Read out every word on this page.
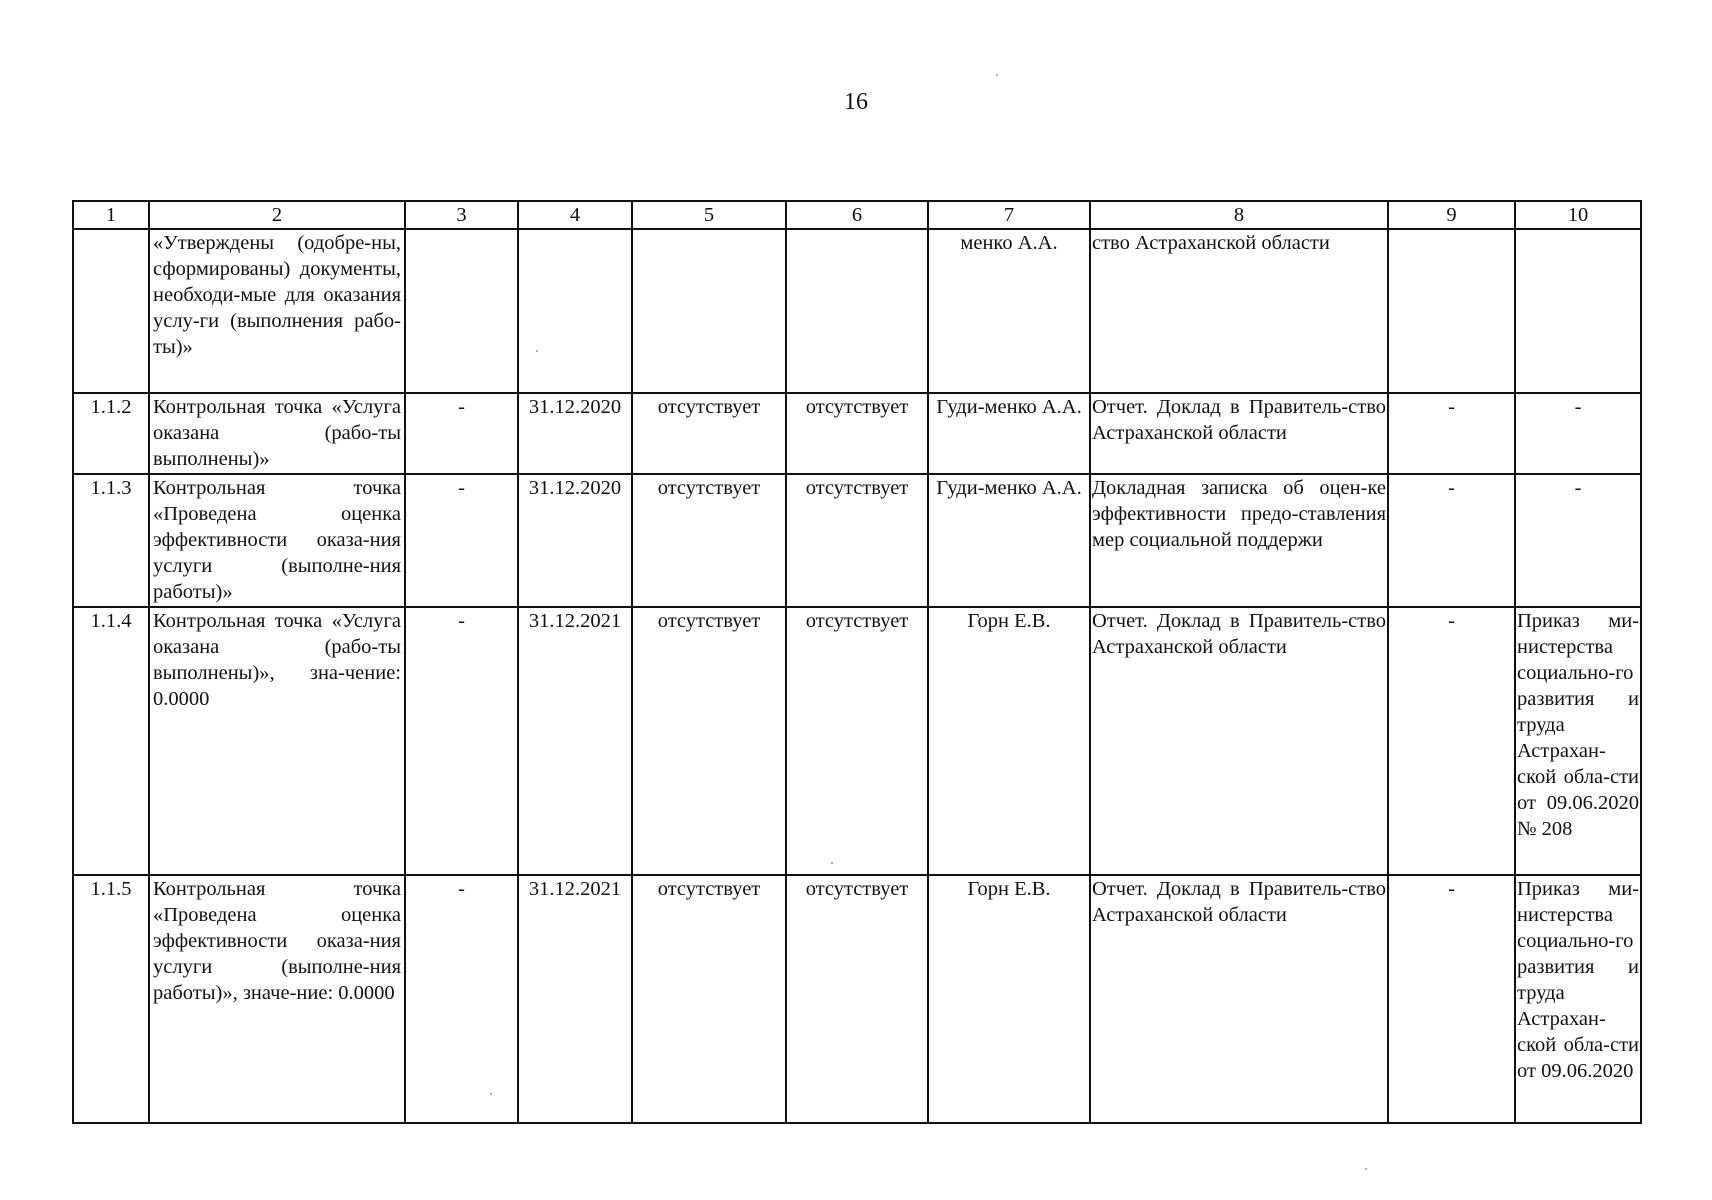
16
1	2	3	4	5	6	7	8	9	10
	«Утверждены (одобре-ны, сформированы) документы, необходи-мые для оказания услу-ги (выполнения рабо-ты)»					менко А.А.	ство Астраханской области		
1.1.2	Контрольная точка «Услуга оказана (рабо-ты выполнены)»	-	31.12.2020	отсутствует	отсутствует	Гуди-менко А.А.	Отчет. Доклад в Правитель-ство Астраханской области	-	-
1.1.3	Контрольная точка «Проведена оценка эффективности оказа-ния услуги (выполне-ния работы)»	-	31.12.2020	отсутствует	отсутствует	Гуди-менко А.А.	Докладная записка об оцен-ке эффективности предо-ставления мер социальной поддержи	-	-
1.1.4	Контрольная точка «Услуга оказана (рабо-ты выполнены)», зна-чение: 0.0000	-	31.12.2021	отсутствует	отсутствует	Горн Е.В.	Отчет. Доклад в Правитель-ство Астраханской области	-	Приказ ми-нистерства социально-го развития и труда Астрахан-ской обла-сти от 09.06.2020 № 208
1.1.5	Контрольная точка «Проведена оценка эффективности оказа-ния услуги (выполне-ния работы)», значе-ние: 0.0000	-	31.12.2021	отсутствует	отсутствует	Горн Е.В.	Отчет. Доклад в Правитель-ство Астраханской области	-	Приказ ми-нистерства социально-го развития и труда Астрахан-ской обла-сти от 09.06.2020
